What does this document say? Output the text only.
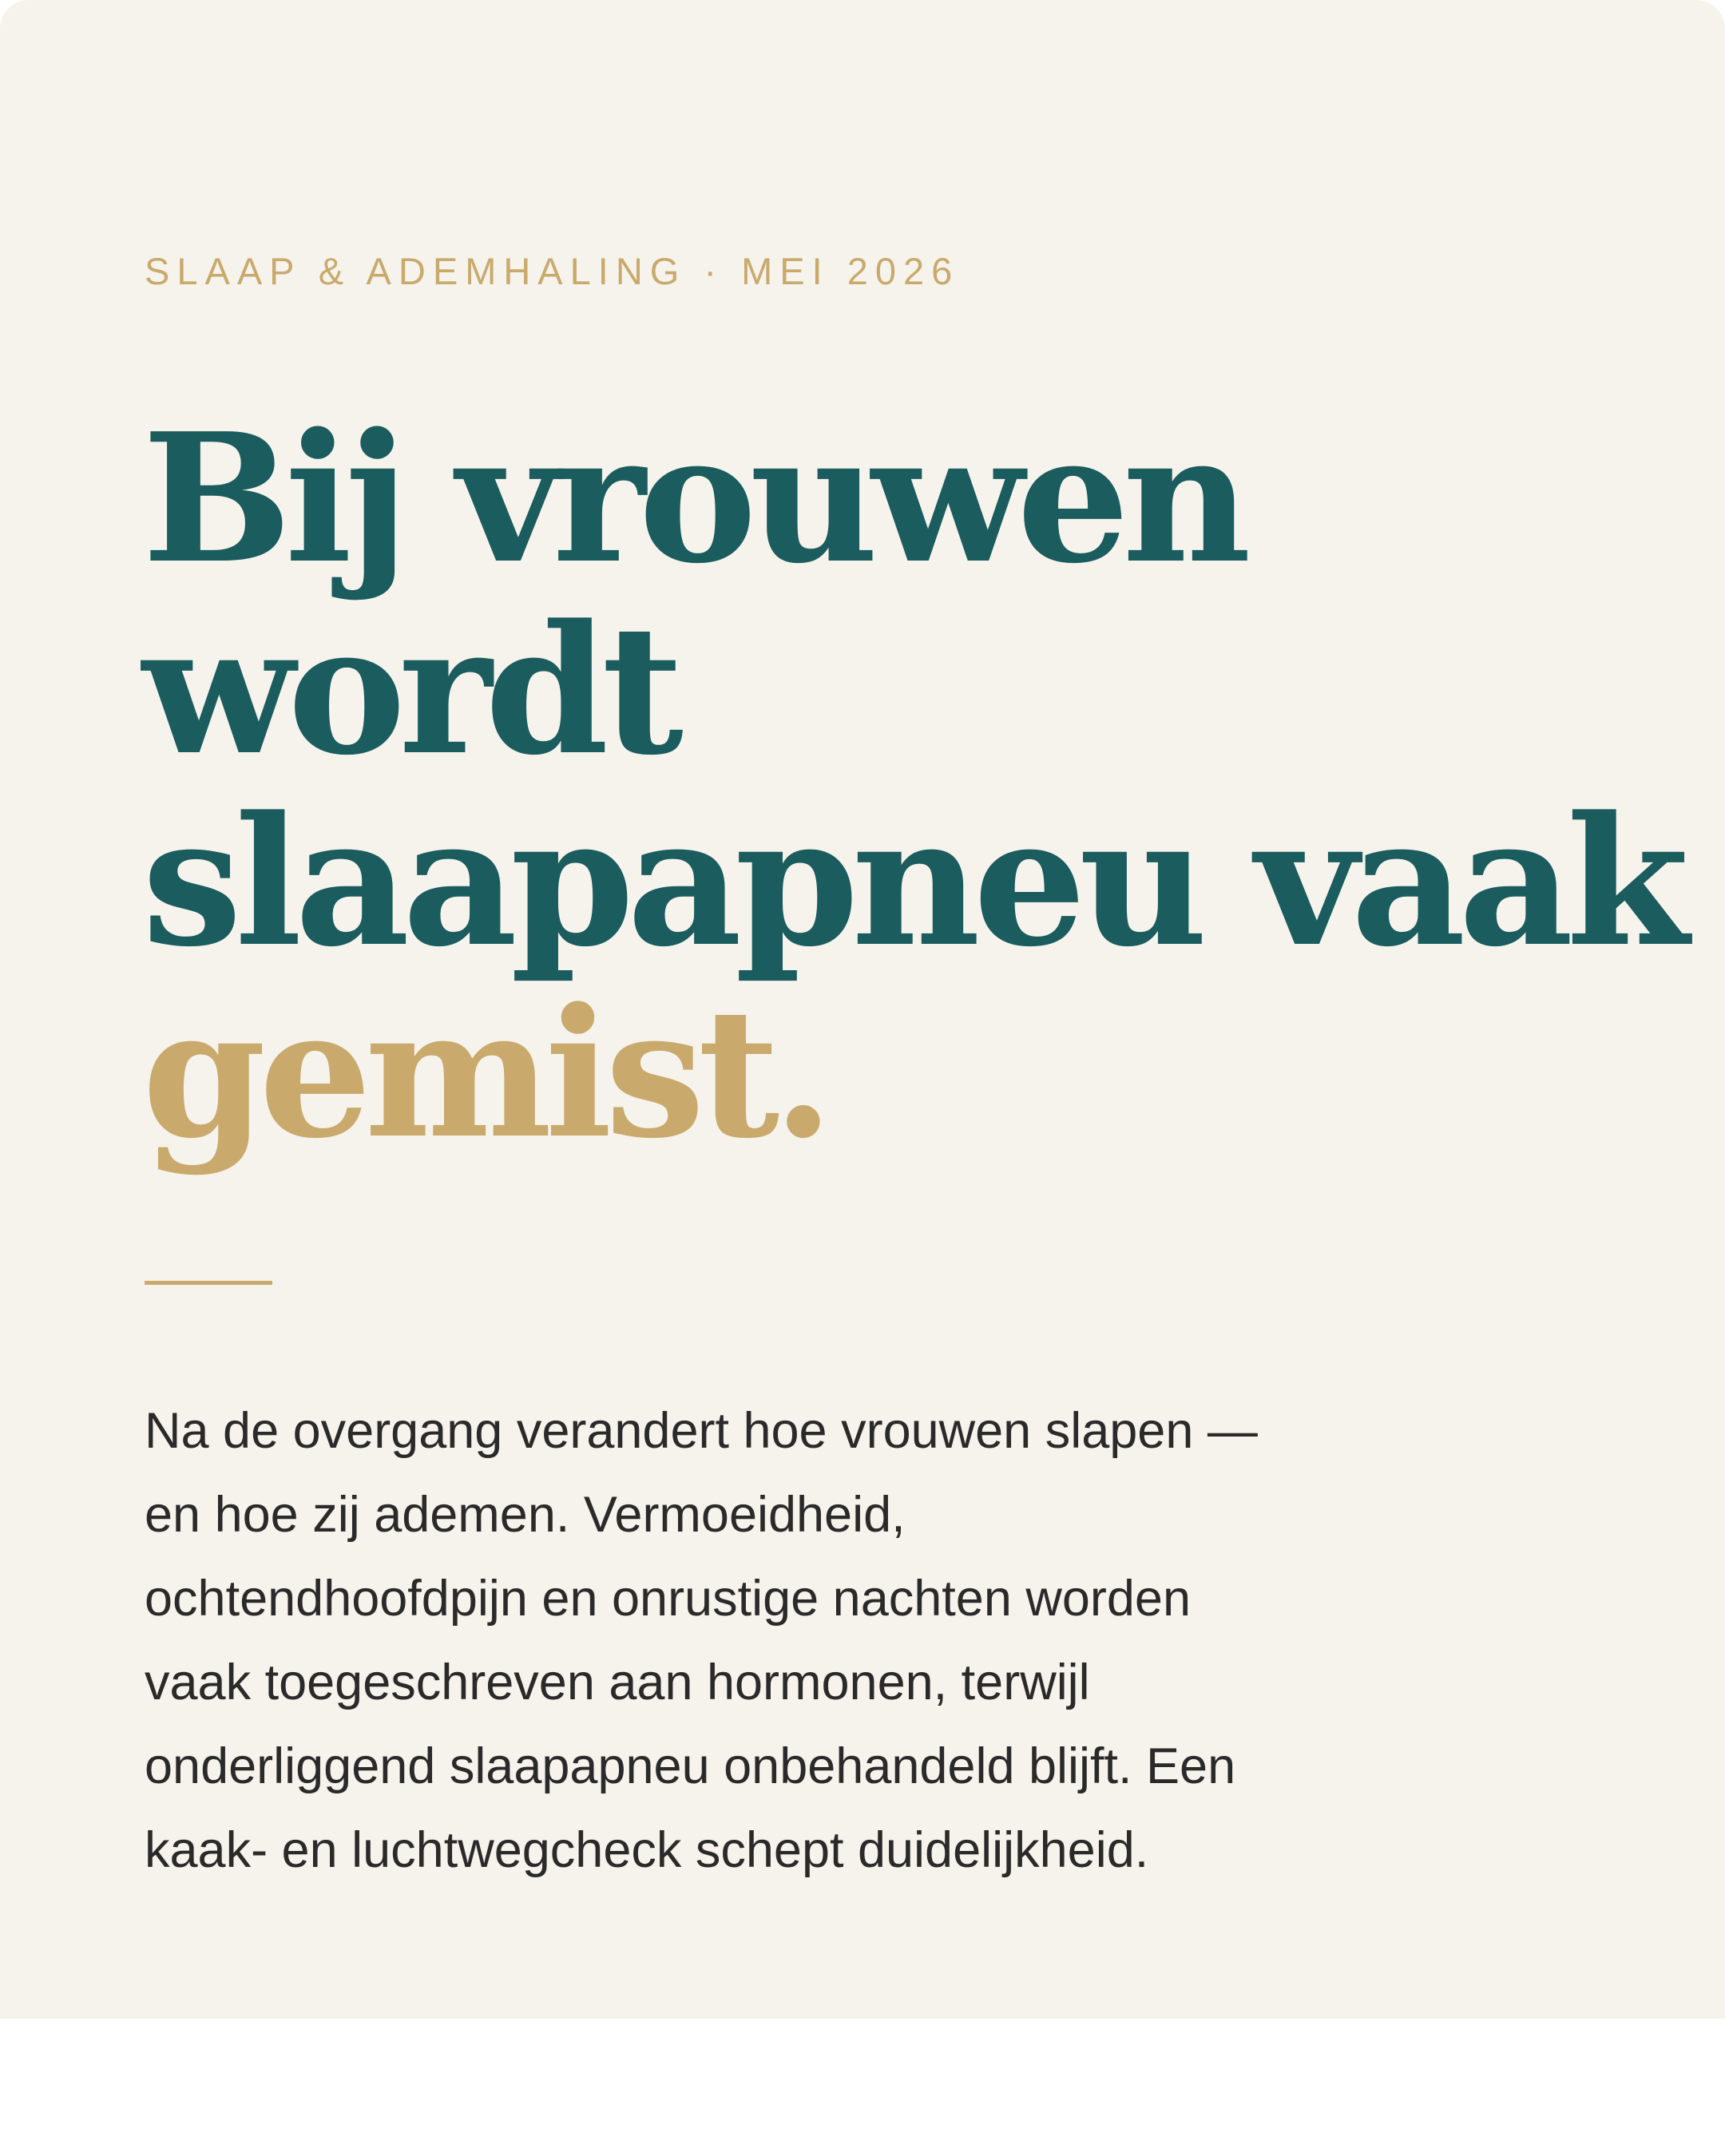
SLAAP & ADEMHALING · MEI 2026

Bij vrouwen
wordt
slaapapneu vaak
gemist.

Na de overgang verandert hoe vrouwen slapen —
en hoe zij ademen. Vermoeidheid,
ochtendhoofdpijn en onrustige nachten worden
vaak toegeschreven aan hormonen, terwijl
onderliggend slaapapneu onbehandeld blijft. Een
kaak- en luchtwegcheck schept duidelijkheid.
